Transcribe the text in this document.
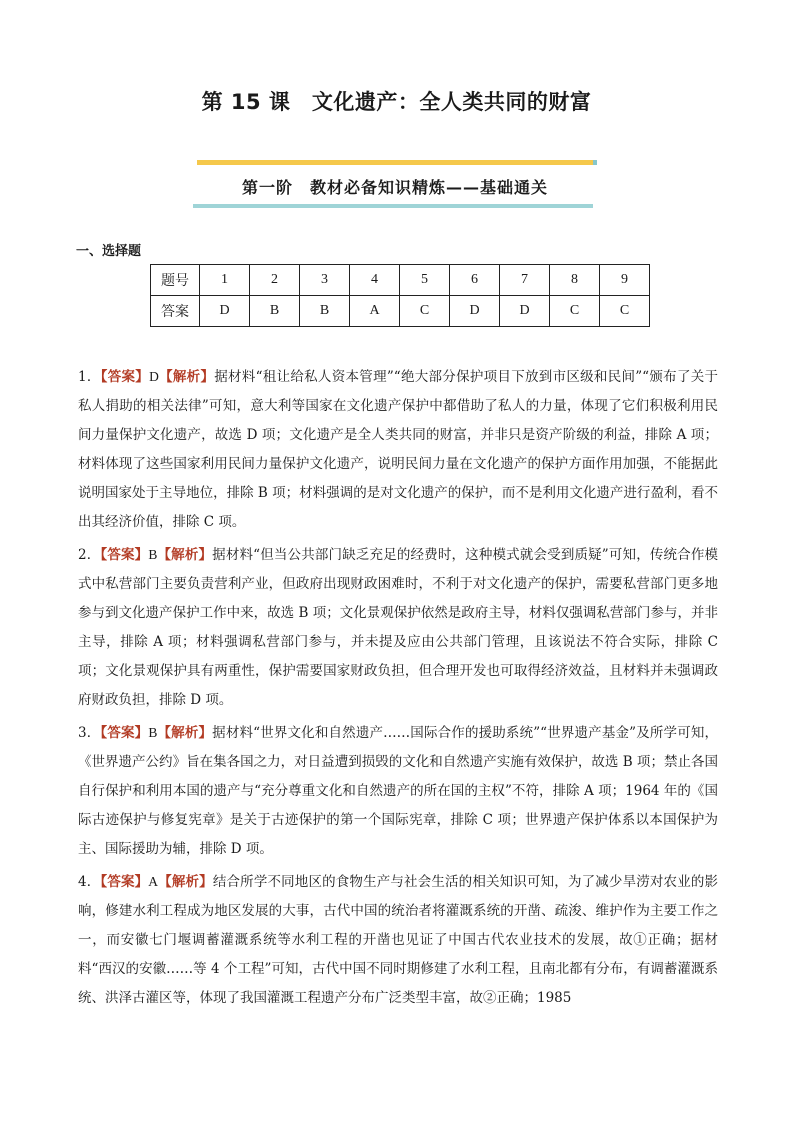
第 15 课　文化遗产：全人类共同的财富
第一阶　教材必备知识精炼——基础通关
一、选择题
题号	1	2	3	4	5	6	7	8	9
答案	D	B	B	A	C	D	D	C	C

1．【答案】D【解析】据材料“租让给私人资本管理”“绝大部分保护项目下放到市区级和民间”“颁布了关于私人捐助的相关法律”可知，意大利等国家在文化遗产保护中都借助了私人的力量，体现了它们积极利用民间力量保护文化遗产，故选 D 项；文化遗产是全人类共同的财富，并非只是资产阶级的利益，排除 A 项；材料体现了这些国家利用民间力量保护文化遗产，说明民间力量在文化遗产的保护方面作用加强，不能据此说明国家处于主导地位，排除 B 项；材料强调的是对文化遗产的保护，而不是利用文化遗产进行盈利，看不出其经济价值，排除 C 项。

2．【答案】B【解析】据材料“但当公共部门缺乏充足的经费时，这种模式就会受到质疑”可知，传统合作模式中私营部门主要负责营利产业，但政府出现财政困难时，不利于对文化遗产的保护，需要私营部门更多地参与到文化遗产保护工作中来，故选 B 项；文化景观保护依然是政府主导，材料仅强调私营部门参与，并非主导，排除 A 项；材料强调私营部门参与，并未提及应由公共部门管理，且该说法不符合实际，排除 C 项；文化景观保护具有两重性，保护需要国家财政负担，但合理开发也可取得经济效益，且材料并未强调政府财政负担，排除 D 项。

3．【答案】B【解析】据材料“世界文化和自然遗产……国际合作的援助系统”“世界遗产基金”及所学可知，《世界遗产公约》旨在集各国之力，对日益遭到损毁的文化和自然遗产实施有效保护，故选 B 项；禁止各国自行保护和利用本国的遗产与“充分尊重文化和自然遗产的所在国的主权”不符，排除 A 项；1964 年的《国际古迹保护与修复宪章》是关于古迹保护的第一个国际宪章，排除 C 项；世界遗产保护体系以本国保护为主、国际援助为辅，排除 D 项。

4．【答案】A【解析】结合所学不同地区的食物生产与社会生活的相关知识可知，为了减少旱涝对农业的影响，修建水利工程成为地区发展的大事，古代中国的统治者将灌溉系统的开凿、疏浚、维护作为主要工作之一，而安徽七门堰调蓄灌溉系统等水利工程的开凿也见证了中国古代农业技术的发展，故①正确；据材料“西汉的安徽……等 4 个工程”可知，古代中国不同时期修建了水利工程，且南北都有分布，有调蓄灌溉系统、洪泽古灌区等，体现了我国灌溉工程遗产分布广泛类型丰富，故②正确；1985
